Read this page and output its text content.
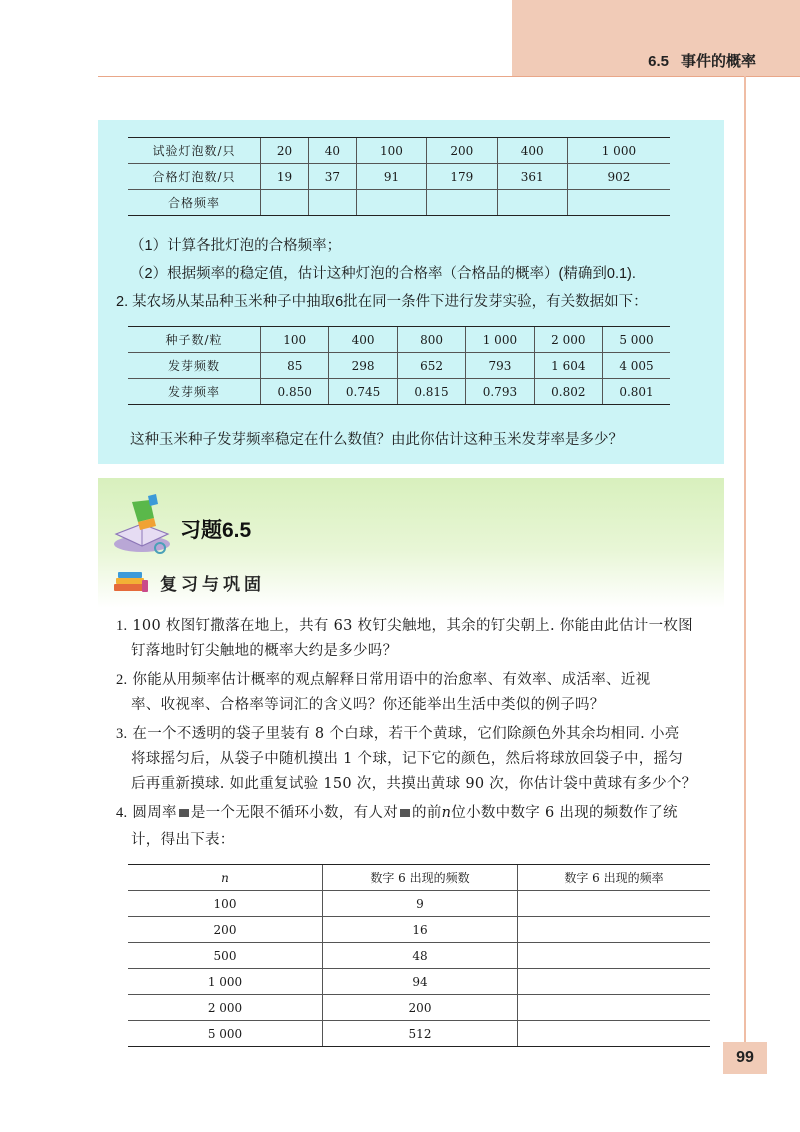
6.5 事件的概率
试验灯泡数/只	20	40	100	200	400	1 000
合格灯泡数/只	19	37	91	179	361	902
合格频率						
（1）计算各批灯泡的合格频率；
（2）根据频率的稳定值，估计这种灯泡的合格率（合格品的概率）(精确到0.1).
2. 某农场从某品种玉米种子中抽取6批在同一条件下进行发芽实验，有关数据如下：
种子数/粒	100	400	800	1 000	2 000	5 000
发芽频数	85	298	652	793	1 604	4 005
发芽频率	0.850	0.745	0.815	0.793	0.802	0.801
这种玉米种子发芽频率稳定在什么数值？由此你估计这种玉米发芽率是多少？
习题6.5
复习与巩固
1. 100 枚图钉撒落在地上，共有 63 枚钉尖触地，其余的钉尖朝上. 你能由此估计一枚图
钉落地时钉尖触地的概率大约是多少吗？
2. 你能从用频率估计概率的观点解释日常用语中的治愈率、有效率、成活率、近视
率、收视率、合格率等词汇的含义吗？你还能举出生活中类似的例子吗？
3. 在一个不透明的袋子里装有 8 个白球，若干个黄球，它们除颜色外其余均相同. 小亮
将球摇匀后，从袋子中随机摸出 1 个球，记下它的颜色，然后将球放回袋子中，摇匀
后再重新摸球. 如此重复试验 150 次，共摸出黄球 90 次，你估计袋中黄球有多少个？
4. 圆周率 是一个无限不循环小数，有人对 的前n位小数中数字 6 出现的频数作了统
计，得出下表：
n	数字 6 出现的频数	数字 6 出现的频率
100	9	
200	16	
500	48	
1 000	94	
2 000	200	
5 000	512	
99
